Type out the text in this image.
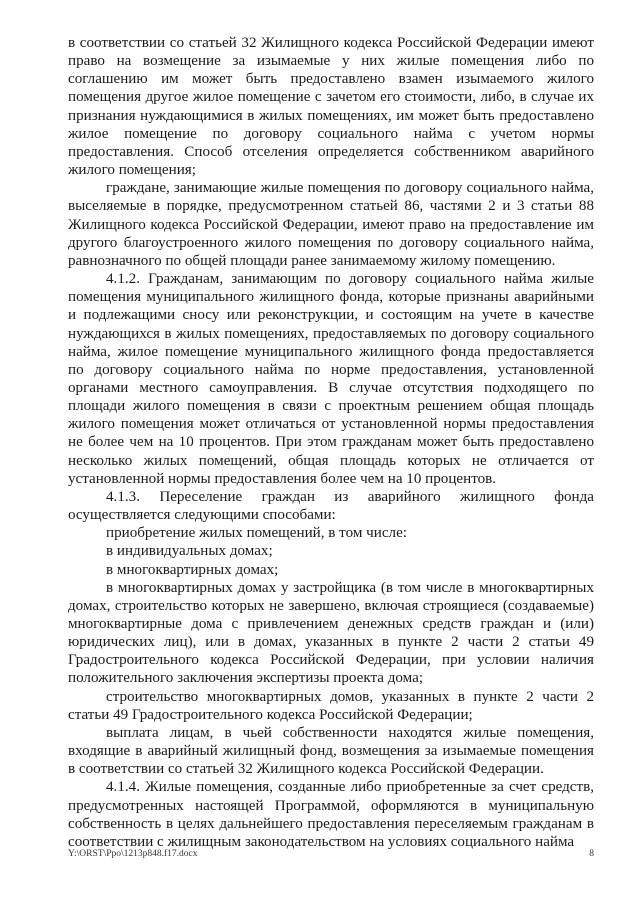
в соответствии со статьей 32 Жилищного кодекса Российской Федерации имеют право на возмещение за изымаемые у них жилые помещения либо по соглашению им может быть предоставлено взамен изымаемого жилого помещения другое жилое помещение с зачетом его стоимости, либо, в случае их признания нуждающимися в жилых помещениях, им может быть предоставлено жилое помещение по договору социального найма с учетом нормы предоставления. Способ отселения определяется собственником аварийного жилого помещения;

граждане, занимающие жилые помещения по договору социального найма, выселяемые в порядке, предусмотренном статьей 86, частями 2 и 3 статьи 88 Жилищного кодекса Российской Федерации, имеют право на предоставление им другого благоустроенного жилого помещения по договору социального найма, равнозначного по общей площади ранее занимаемому жилому помещению.

4.1.2. Гражданам, занимающим по договору социального найма жилые помещения муниципального жилищного фонда, которые признаны аварийными и подлежащими сносу или реконструкции, и состоящим на учете в качестве нуждающихся в жилых помещениях, предоставляемых по договору социального найма, жилое помещение муниципального жилищного фонда предоставляется по договору социального найма по норме предоставления, установленной органами местного самоуправления. В случае отсутствия подходящего по площади жилого помещения в связи с проектным решением общая площадь жилого помещения может отличаться от установленной нормы предоставления не более чем на 10 процентов. При этом гражданам может быть предоставлено несколько жилых помещений, общая площадь которых не отличается от установленной нормы предоставления более чем на 10 процентов.

4.1.3. Переселение граждан из аварийного жилищного фонда осуществляется следующими способами:

приобретение жилых помещений, в том числе:

в индивидуальных домах;

в многоквартирных домах;

в многоквартирных домах у застройщика (в том числе в многоквартирных домах, строительство которых не завершено, включая строящиеся (создаваемые) многоквартирные дома с привлечением денежных средств граждан и (или) юридических лиц), или в домах, указанных в пункте 2 части 2 статьи 49 Градостроительного кодекса Российской Федерации, при условии наличия положительного заключения экспертизы проекта дома;

строительство многоквартирных домов, указанных в пункте 2 части 2 статьи 49 Градостроительного кодекса Российской Федерации;

выплата лицам, в чьей собственности находятся жилые помещения, входящие в аварийный жилищный фонд, возмещения за изымаемые помещения в соответствии со статьей 32 Жилищного кодекса Российской Федерации.

4.1.4. Жилые помещения, созданные либо приобретенные за счет средств, предусмотренных настоящей Программой, оформляются в муниципальную собственность в целях дальнейшего предоставления переселяемым гражданам в соответствии с жилищным законодательством на условиях социального найма

Y:\ORST\Ppo\1213p848.f17.docx	8
